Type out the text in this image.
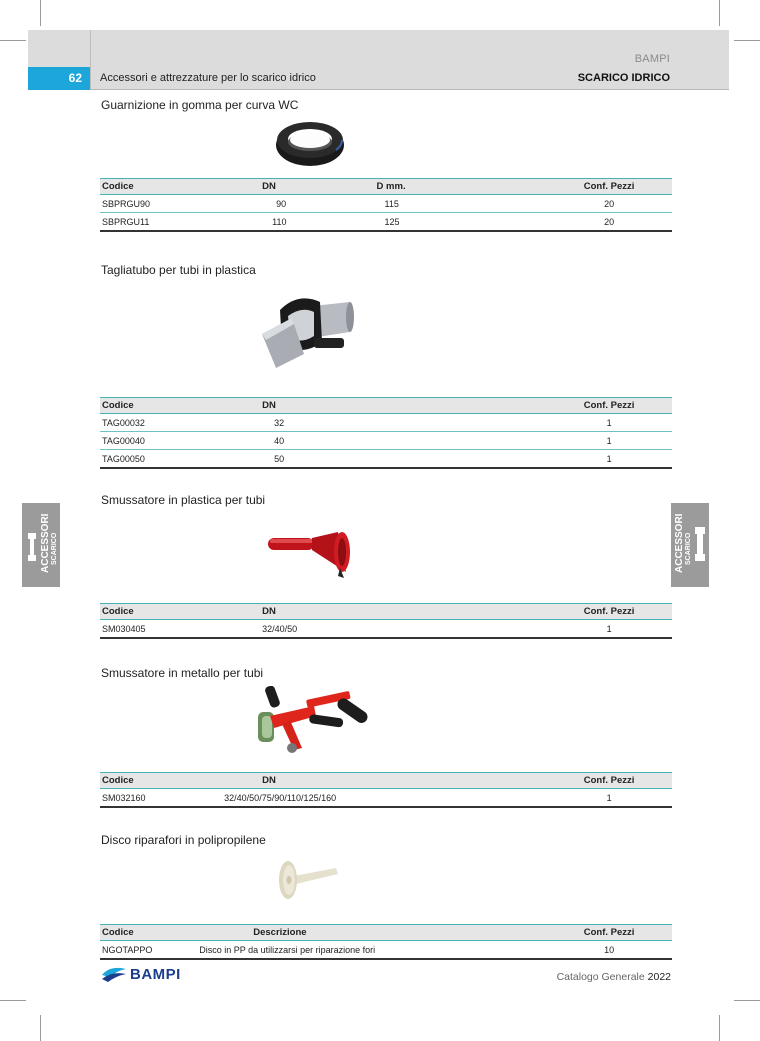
BAMPI
62	Accessori e attrezzature per lo scarico idrico	SCARICO IDRICO
ACCESSORI SCARICO	ACCESSORI SCARICO
Guarnizione in gomma per curva WC
Codice	DN	D mm.	Conf. Pezzi
SBPRGU90	90	115	20
SBPRGU11	110	125	20
Tagliatubo per tubi in plastica
Codice	DN	Conf. Pezzi
TAG00032	32	1
TAG00040	40	1
TAG00050	50	1
Smussatore in plastica per tubi
Codice	DN	Conf. Pezzi
SM030405	32/40/50	1
Smussatore in metallo per tubi
Codice	DN	Conf. Pezzi
SM032160	32/40/50/75/90/110/125/160	1
Disco riparafori in polipropilene
Codice	Descrizione	Conf. Pezzi
NGOTAPPO	Disco in PP da utilizzarsi per riparazione fori	10
BAMPI	Catalogo Generale 2022
